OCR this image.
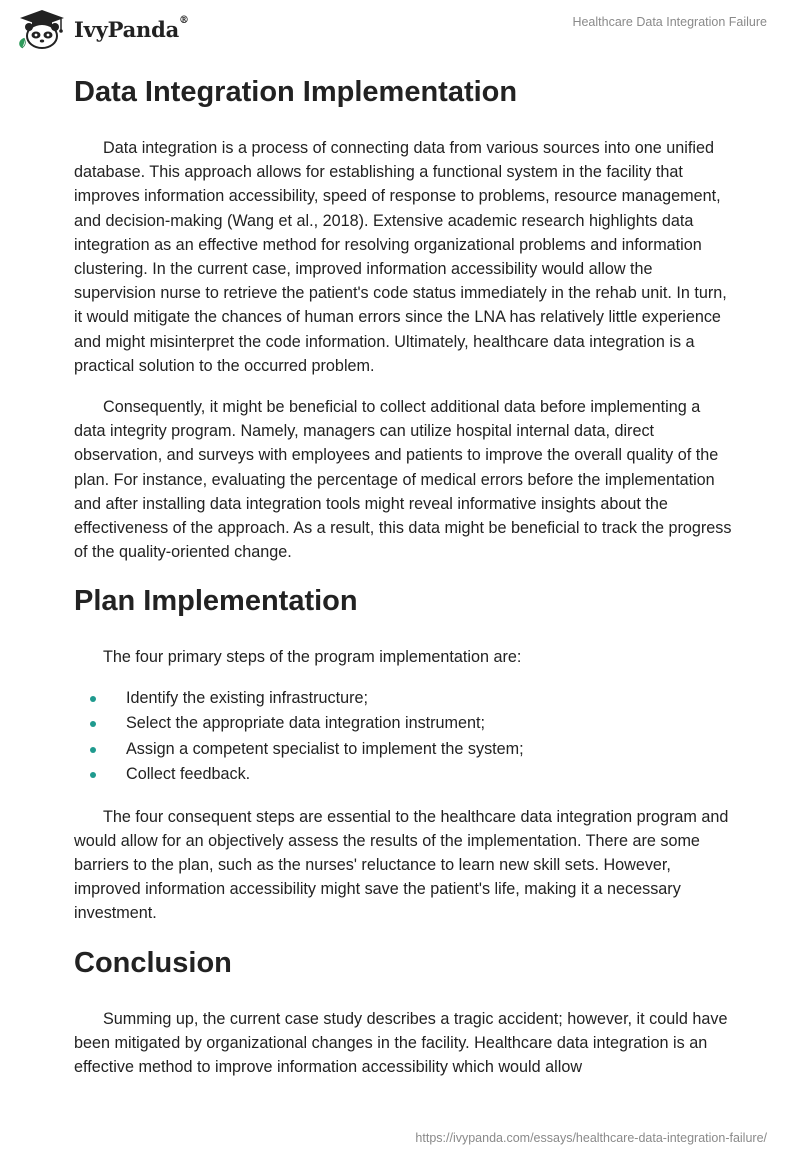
IvyPanda®	Healthcare Data Integration Failure
Data Integration Implementation

Data integration is a process of connecting data from various sources into one unified database. This approach allows for establishing a functional system in the facility that improves information accessibility, speed of response to problems, resource management, and decision-making (Wang et al., 2018). Extensive academic research highlights data integration as an effective method for resolving organizational problems and information clustering. In the current case, improved information accessibility would allow the supervision nurse to retrieve the patient's code status immediately in the rehab unit. In turn, it would mitigate the chances of human errors since the LNA has relatively little experience and might misinterpret the code information. Ultimately, healthcare data integration is a practical solution to the occurred problem.

Consequently, it might be beneficial to collect additional data before implementing a data integrity program. Namely, managers can utilize hospital internal data, direct observation, and surveys with employees and patients to improve the overall quality of the plan. For instance, evaluating the percentage of medical errors before the implementation and after installing data integration tools might reveal informative insights about the effectiveness of the approach. As a result, this data might be beneficial to track the progress of the quality-oriented change.

Plan Implementation

The four primary steps of the program implementation are:

Identify the existing infrastructure;
Select the appropriate data integration instrument;
Assign a competent specialist to implement the system;
Collect feedback.

The four consequent steps are essential to the healthcare data integration program and would allow for an objectively assess the results of the implementation. There are some barriers to the plan, such as the nurses' reluctance to learn new skill sets. However, improved information accessibility might save the patient's life, making it a necessary investment.

Conclusion

Summing up, the current case study describes a tragic accident; however, it could have been mitigated by organizational changes in the facility. Healthcare data integration is an effective method to improve information accessibility which would allow

https://ivypanda.com/essays/healthcare-data-integration-failure/
